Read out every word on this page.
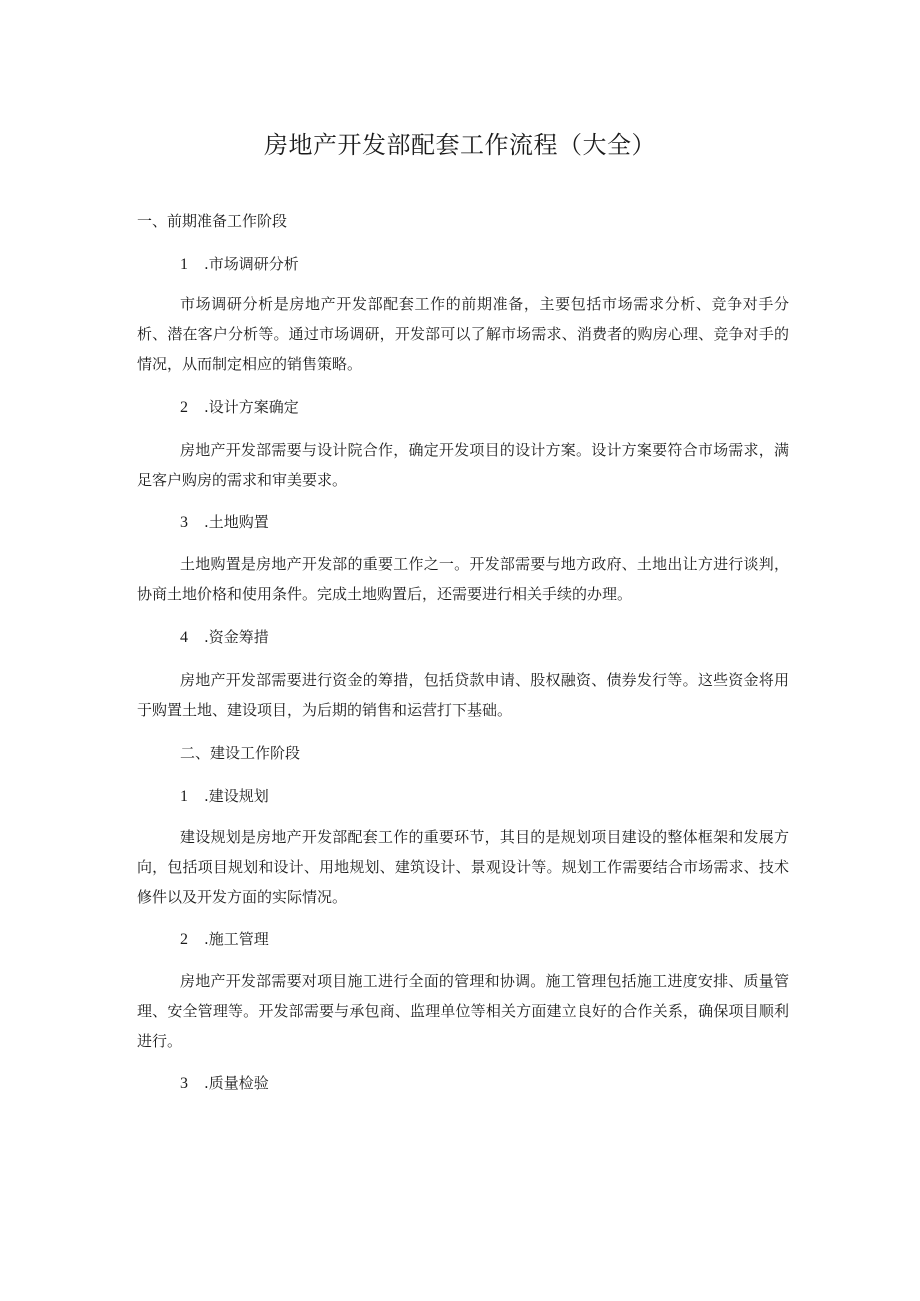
房地产开发部配套工作流程（大全）
一、前期准备工作阶段
1 .市场调研分析
市场调研分析是房地产开发部配套工作的前期准备，主要包括市场需求分析、竞争对手分析、潜在客户分析等。通过市场调研，开发部可以了解市场需求、消费者的购房心理、竞争对手的情况，从而制定相应的销售策略。
2 .设计方案确定
房地产开发部需要与设计院合作，确定开发项目的设计方案。设计方案要符合市场需求，满足客户购房的需求和审美要求。
3 .土地购置
土地购置是房地产开发部的重要工作之一。开发部需要与地方政府、土地出让方进行谈判，协商土地价格和使用条件。完成土地购置后，还需要进行相关手续的办理。
4 .资金筹措
房地产开发部需要进行资金的筹措，包括贷款申请、股权融资、债券发行等。这些资金将用于购置土地、建设项目，为后期的销售和运营打下基础。
二、建设工作阶段
1 .建设规划
建设规划是房地产开发部配套工作的重要环节，其目的是规划项目建设的整体框架和发展方向，包括项目规划和设计、用地规划、建筑设计、景观设计等。规划工作需要结合市场需求、技术修件以及开发方面的实际情况。
2 .施工管理
房地产开发部需要对项目施工进行全面的管理和协调。施工管理包括施工进度安排、质量管理、安全管理等。开发部需要与承包商、监理单位等相关方面建立良好的合作关系，确保项目顺利进行。
3 .质量检验
